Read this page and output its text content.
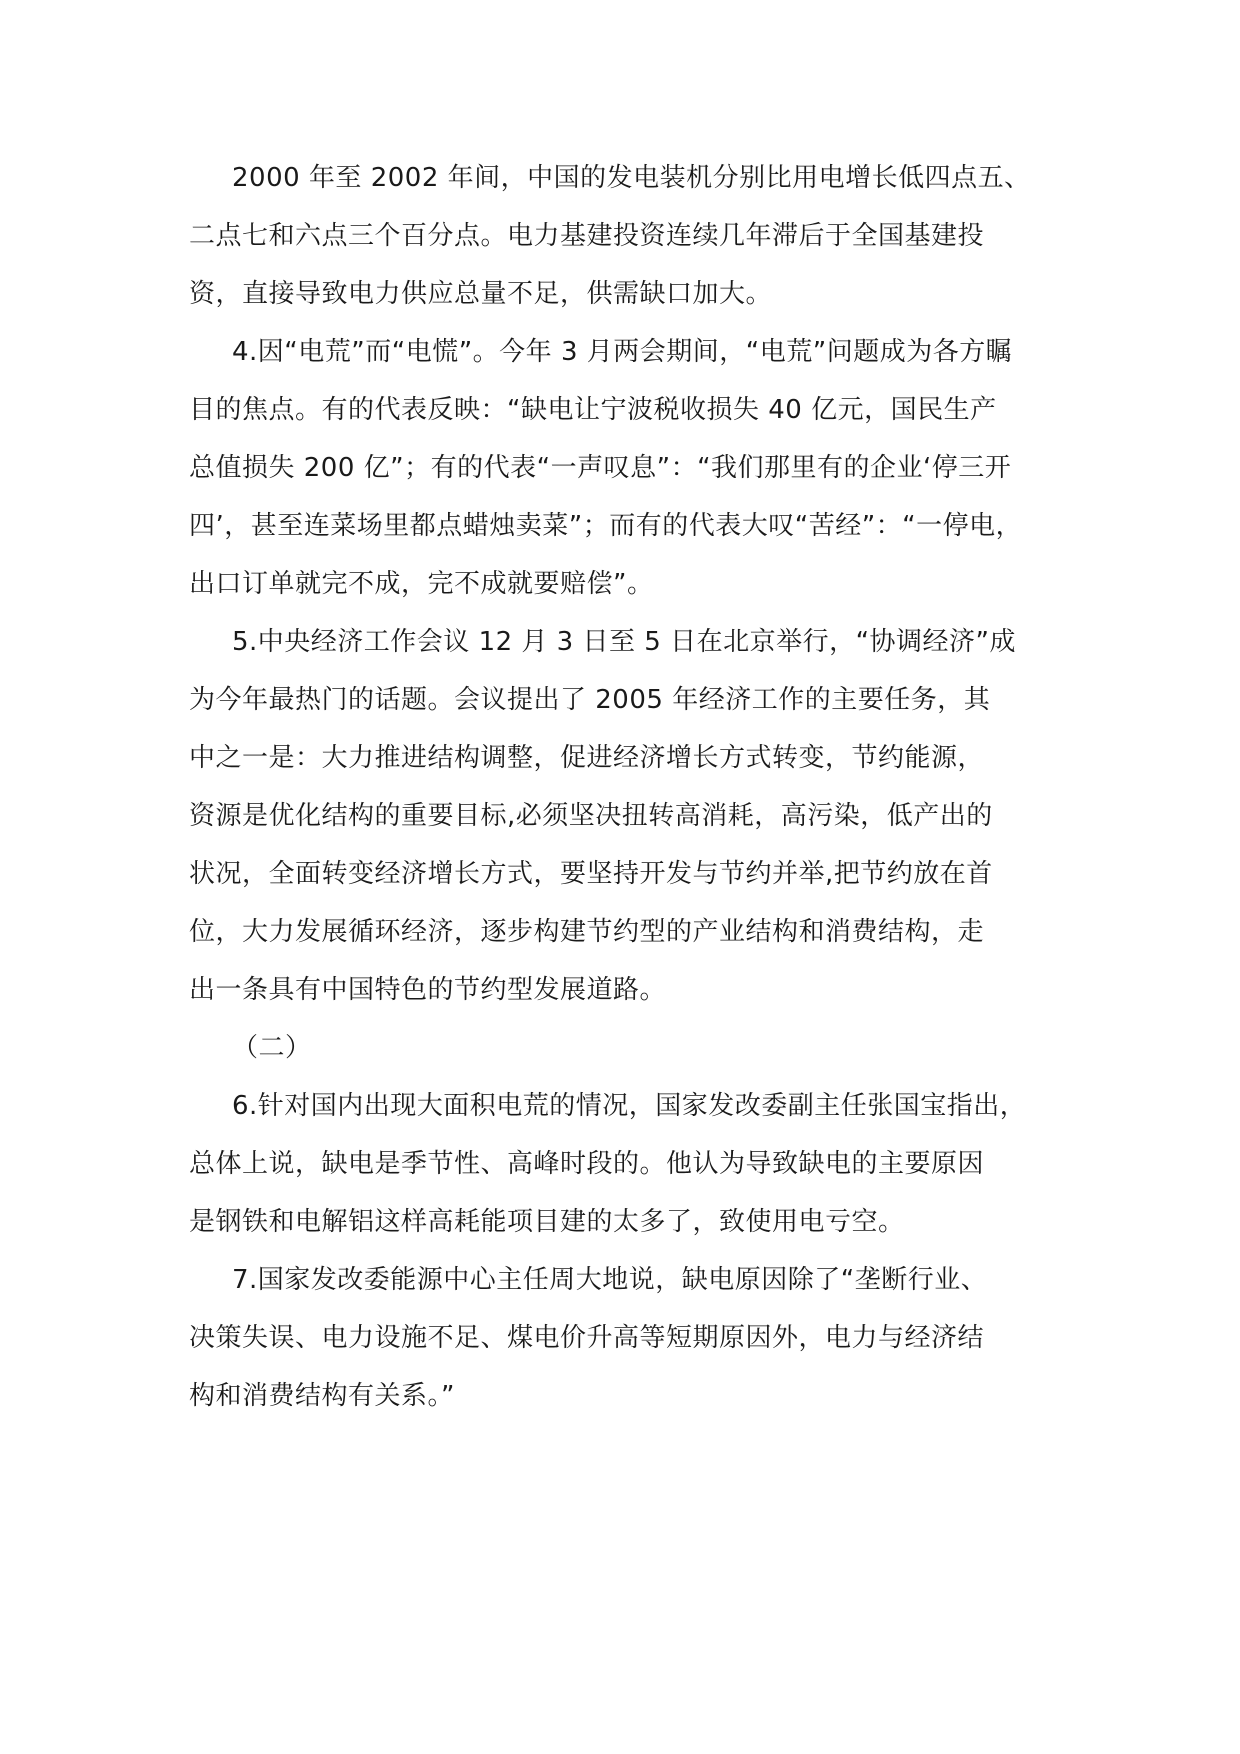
2000 年至 2002 年间，中国的发电装机分别比用电增长低四点五、
二点七和六点三个百分点。电力基建投资连续几年滞后于全国基建投
资，直接导致电力供应总量不足，供需缺口加大。
4.因“电荒”而“电慌”。今年 3 月两会期间，“电荒”问题成为各方瞩
目的焦点。有的代表反映：“缺电让宁波税收损失 40 亿元，国民生产
总值损失 200 亿”；有的代表“一声叹息”：“我们那里有的企业‘停三开
四’，甚至连菜场里都点蜡烛卖菜”；而有的代表大叹“苦经”：“一停电，
出口订单就完不成，完不成就要赔偿”。
5.中央经济工作会议 12 月 3 日至 5 日在北京举行，“协调经济”成
为今年最热门的话题。会议提出了 2005 年经济工作的主要任务，其
中之一是：大力推进结构调整，促进经济增长方式转变，节约能源，
资源是优化结构的重要目标,必须坚决扭转高消耗，高污染，低产出的
状况，全面转变经济增长方式，要坚持开发与节约并举,把节约放在首
位，大力发展循环经济，逐步构建节约型的产业结构和消费结构，走
出一条具有中国特色的节约型发展道路。
（二）
6.针对国内出现大面积电荒的情况，国家发改委副主任张国宝指出，
总体上说，缺电是季节性、高峰时段的。他认为导致缺电的主要原因
是钢铁和电解铝这样高耗能项目建的太多了，致使用电亏空。
7.国家发改委能源中心主任周大地说，缺电原因除了“垄断行业、
决策失误、电力设施不足、煤电价升高等短期原因外，电力与经济结
构和消费结构有关系。”
